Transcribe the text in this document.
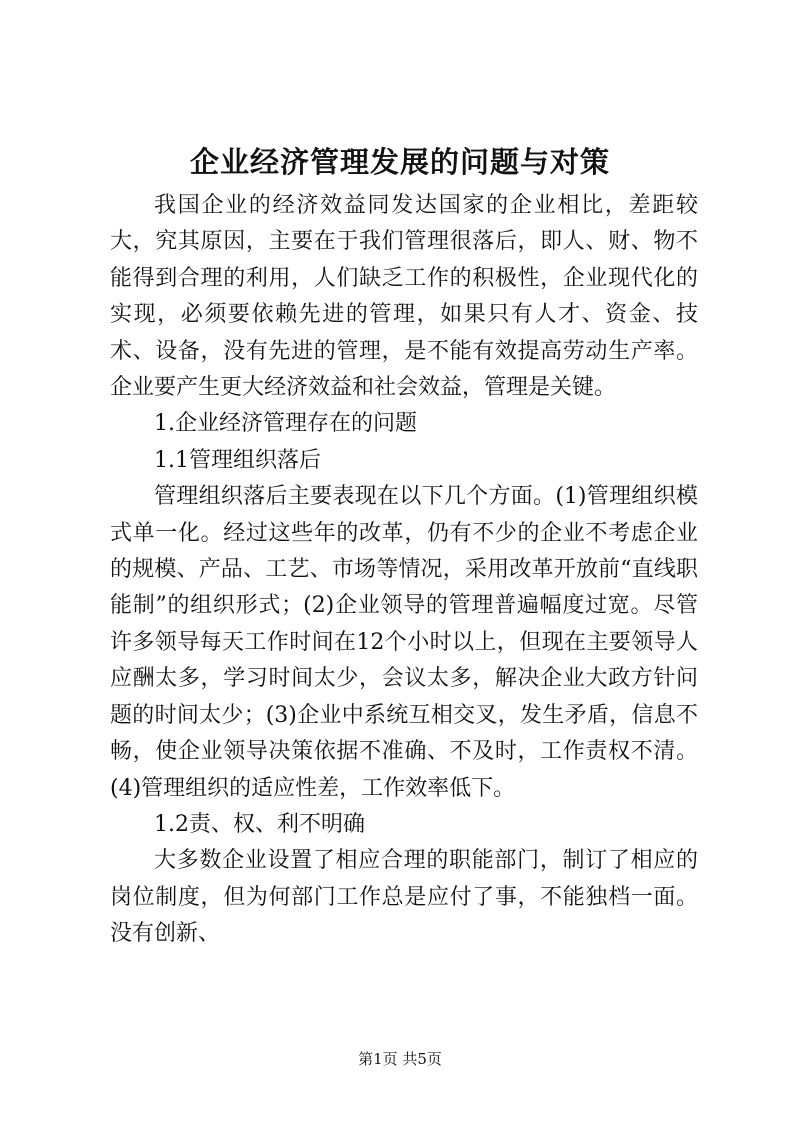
企业经济管理发展的问题与对策

我国企业的经济效益同发达国家的企业相比，差距较大，究其原因，主要在于我们管理很落后，即人、财、物不能得到合理的利用，人们缺乏工作的积极性，企业现代化的实现，必须要依赖先进的管理，如果只有人才、资金、技术、设备，没有先进的管理，是不能有效提高劳动生产率。企业要产生更大经济效益和社会效益，管理是关键。

1.企业经济管理存在的问题

1.1管理组织落后

管理组织落后主要表现在以下几个方面。(1)管理组织模式单一化。经过这些年的改革，仍有不少的企业不考虑企业的规模、产品、工艺、市场等情况，采用改革开放前“直线职能制”的组织形式；(2)企业领导的管理普遍幅度过宽。尽管许多领导每天工作时间在12个小时以上，但现在主要领导人应酬太多，学习时间太少，会议太多，解决企业大政方针问题的时间太少；(3)企业中系统互相交叉，发生矛盾，信息不畅，使企业领导决策依据不准确、不及时，工作责权不清。(4)管理组织的适应性差，工作效率低下。

1.2责、权、利不明确

大多数企业设置了相应合理的职能部门，制订了相应的岗位制度，但为何部门工作总是应付了事，不能独档一面。没有创新、

第1页 共5页
